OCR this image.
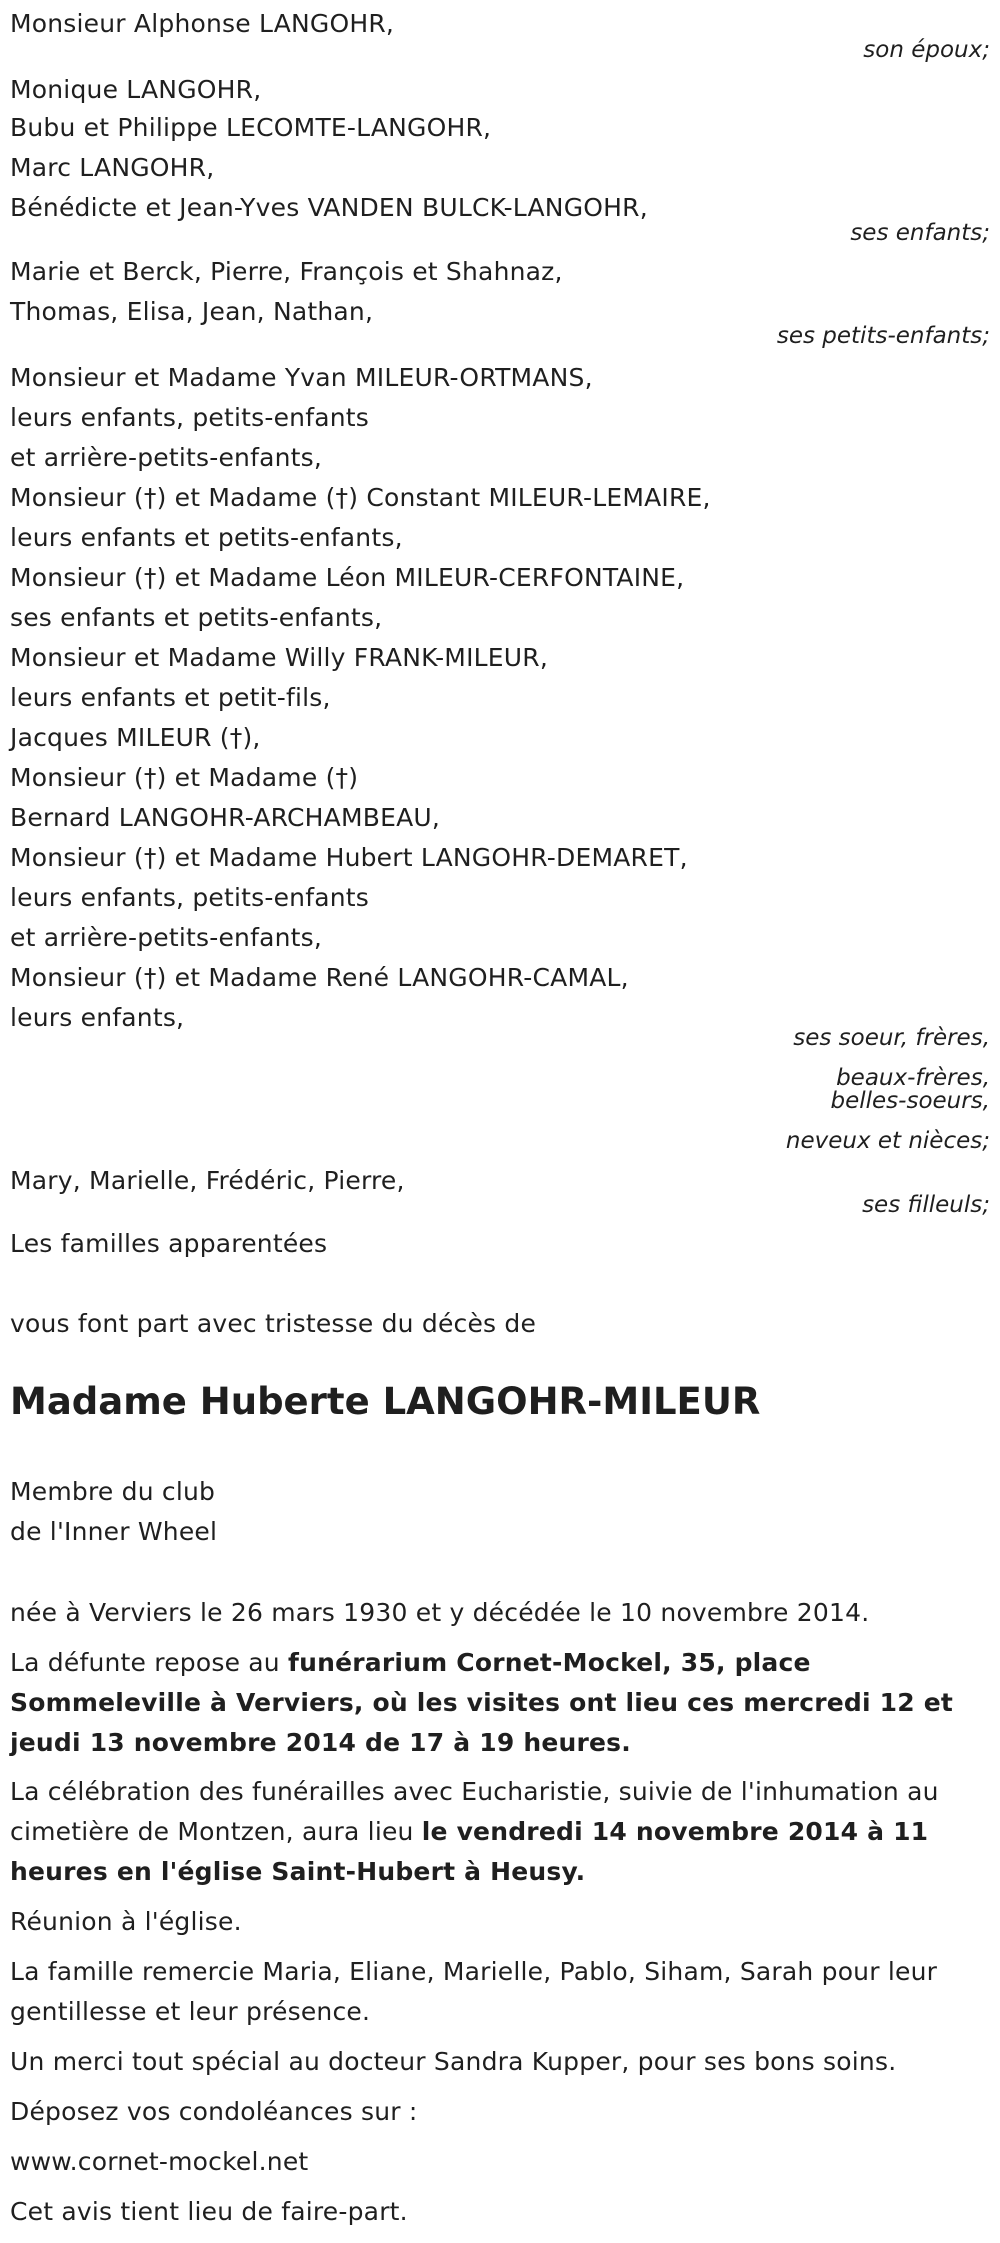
Monsieur Alphonse LANGOHR,
son époux;
Monique LANGOHR,
Bubu et Philippe LECOMTE-LANGOHR,
Marc LANGOHR,
Bénédicte et Jean-Yves VANDEN BULCK-LANGOHR,
ses enfants;
Marie et Berck, Pierre, François et Shahnaz,
Thomas, Elisa, Jean, Nathan,
ses petits-enfants;
Monsieur et Madame Yvan MILEUR-ORTMANS,
leurs enfants, petits-enfants
et arrière-petits-enfants,
Monsieur (†) et Madame (†) Constant MILEUR-LEMAIRE,
leurs enfants et petits-enfants,
Monsieur (†) et Madame Léon MILEUR-CERFONTAINE,
ses enfants et petits-enfants,
Monsieur et Madame Willy FRANK-MILEUR,
leurs enfants et petit-fils,
Jacques MILEUR (†),
Monsieur (†) et Madame (†)
Bernard LANGOHR-ARCHAMBEAU,
Monsieur (†) et Madame Hubert LANGOHR-DEMARET,
leurs enfants, petits-enfants
et arrière-petits-enfants,
Monsieur (†) et Madame René LANGOHR-CAMAL,
leurs enfants,
ses soeur, frères,
beaux-frères,
belles-soeurs,
neveux et nièces;
Mary, Marielle, Frédéric, Pierre,
ses filleuls;
Les familles apparentées
vous font part avec tristesse du décès de
Madame Huberte LANGOHR-MILEUR
Membre du club
de l'Inner Wheel
née à Verviers le 26 mars 1930 et y décédée le 10 novembre 2014.
La défunte repose au funérarium Cornet-Mockel, 35, place
Sommeleville à Verviers, où les visites ont lieu ces mercredi 12 et
jeudi 13 novembre 2014 de 17 à 19 heures.
La célébration des funérailles avec Eucharistie, suivie de l'inhumation au
cimetière de Montzen, aura lieu le vendredi 14 novembre 2014 à 11
heures en l'église Saint-Hubert à Heusy.
Réunion à l'église.
La famille remercie Maria, Eliane, Marielle, Pablo, Siham, Sarah pour leur
gentillesse et leur présence.
Un merci tout spécial au docteur Sandra Kupper, pour ses bons soins.
Déposez vos condoléances sur :
www.cornet-mockel.net
Cet avis tient lieu de faire-part.
